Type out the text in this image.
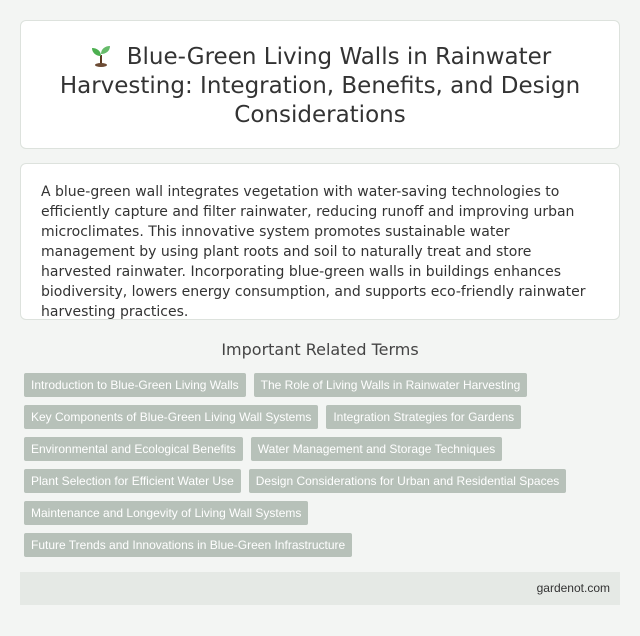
Blue-Green Living Walls in Rainwater Harvesting: Integration, Benefits, and Design Considerations

A blue-green wall integrates vegetation with water-saving technologies to efficiently capture and filter rainwater, reducing runoff and improving urban microclimates. This innovative system promotes sustainable water management by using plant roots and soil to naturally treat and store harvested rainwater. Incorporating blue-green walls in buildings enhances biodiversity, lowers energy consumption, and supports eco-friendly rainwater harvesting practices.

Important Related Terms
Introduction to Blue-Green Living Walls	The Role of Living Walls in Rainwater Harvesting
Key Components of Blue-Green Living Wall Systems	Integration Strategies for Gardens
Environmental and Ecological Benefits	Water Management and Storage Techniques
Plant Selection for Efficient Water Use	Design Considerations for Urban and Residential Spaces
Maintenance and Longevity of Living Wall Systems
Future Trends and Innovations in Blue-Green Infrastructure
gardenot.com
